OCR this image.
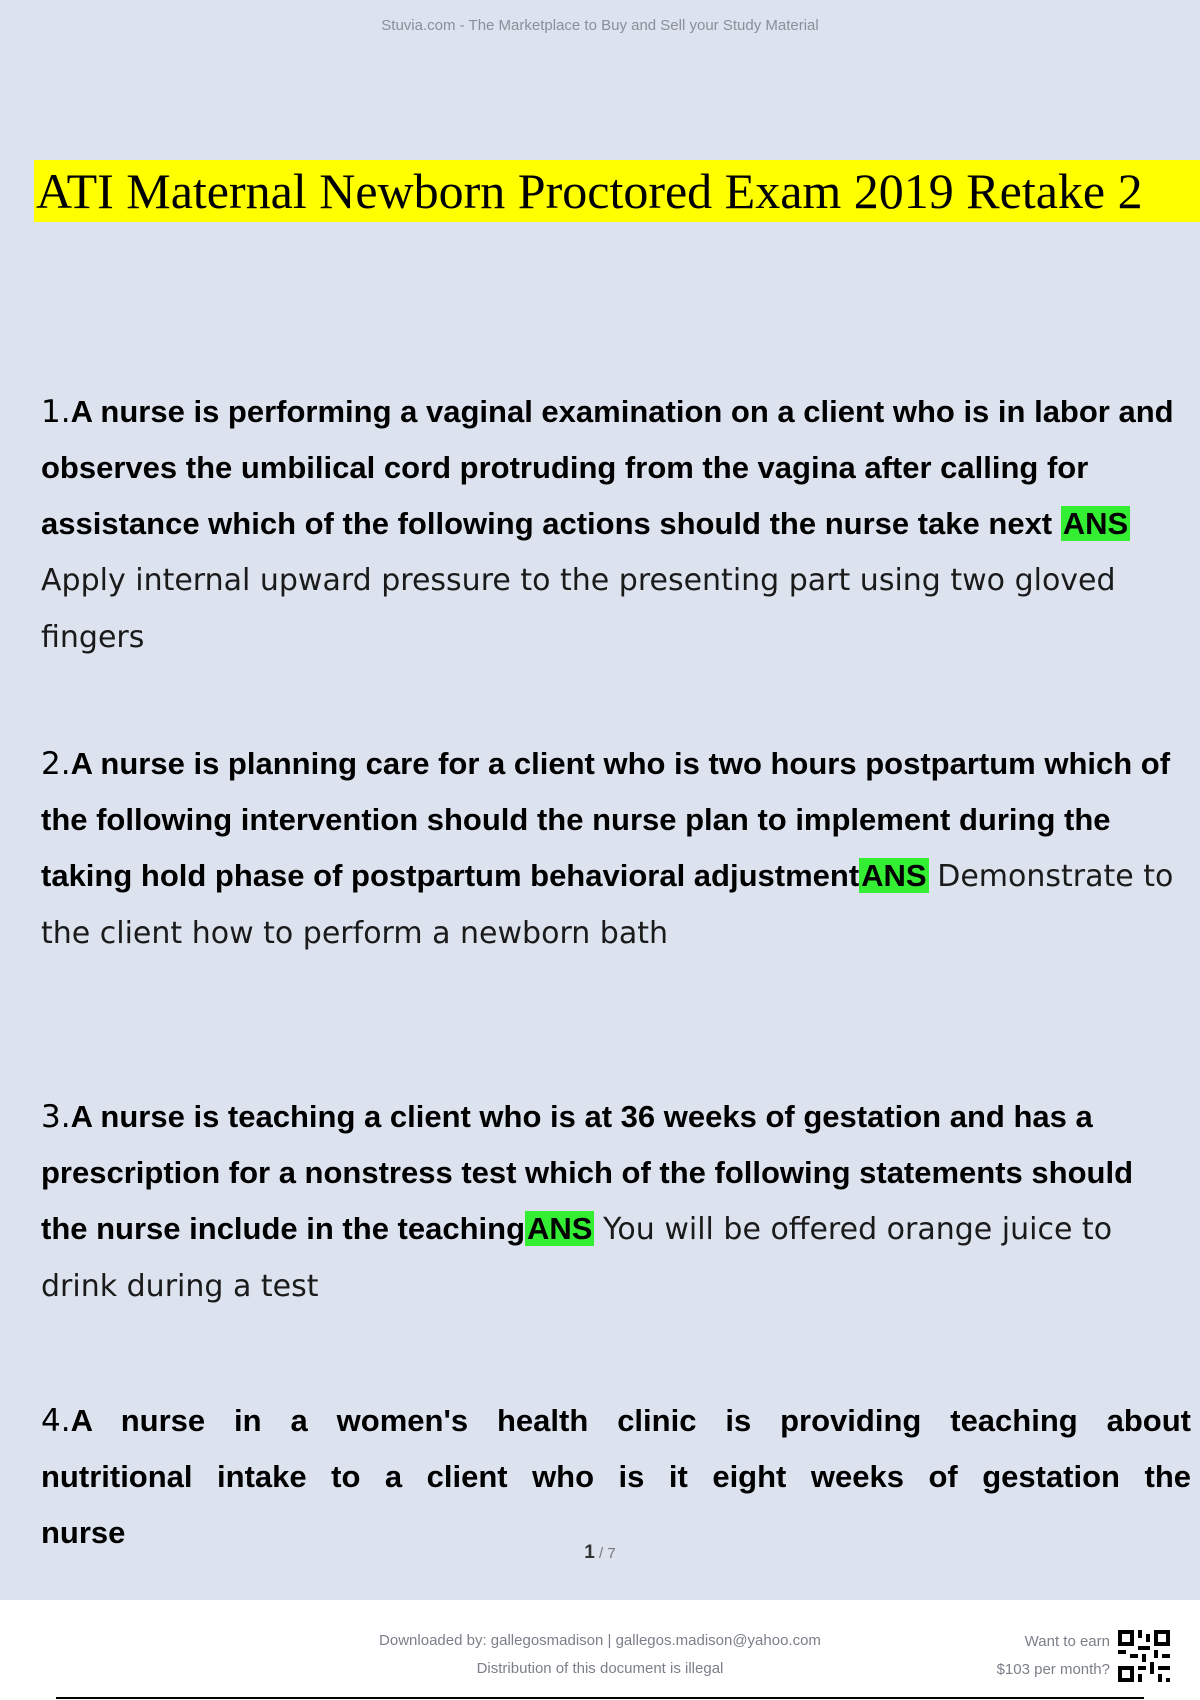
Stuvia.com - The Marketplace to Buy and Sell your Study Material
ATI Maternal Newborn Proctored Exam 2019 Retake 2
1.A nurse is performing a vaginal examination on a client who is in labor and observes the umbilical cord protruding from the vagina after calling for assistance which of the following actions should the nurse take next ANS Apply internal upward pressure to the presenting part using two gloved fingers
2.A nurse is planning care for a client who is two hours postpartum which of the following intervention should the nurse plan to implement during the taking hold phase of postpartum behavioral adjustmentANS Demonstrate to the client how to perform a newborn bath
3.A nurse is teaching a client who is at 36 weeks of gestation and has a prescription for a nonstress test which of the following statements should the nurse include in the teachingANS You will be offered orange juice to drink during a test
4.A nurse in a women's health clinic is providing teaching about nutritional intake to a client who is it eight weeks of gestation the nurse
1 / 7
Downloaded by: gallegosmadison | gallegos.madison@yahoo.com
Distribution of this document is illegal
Want to earn
$103 per month?
